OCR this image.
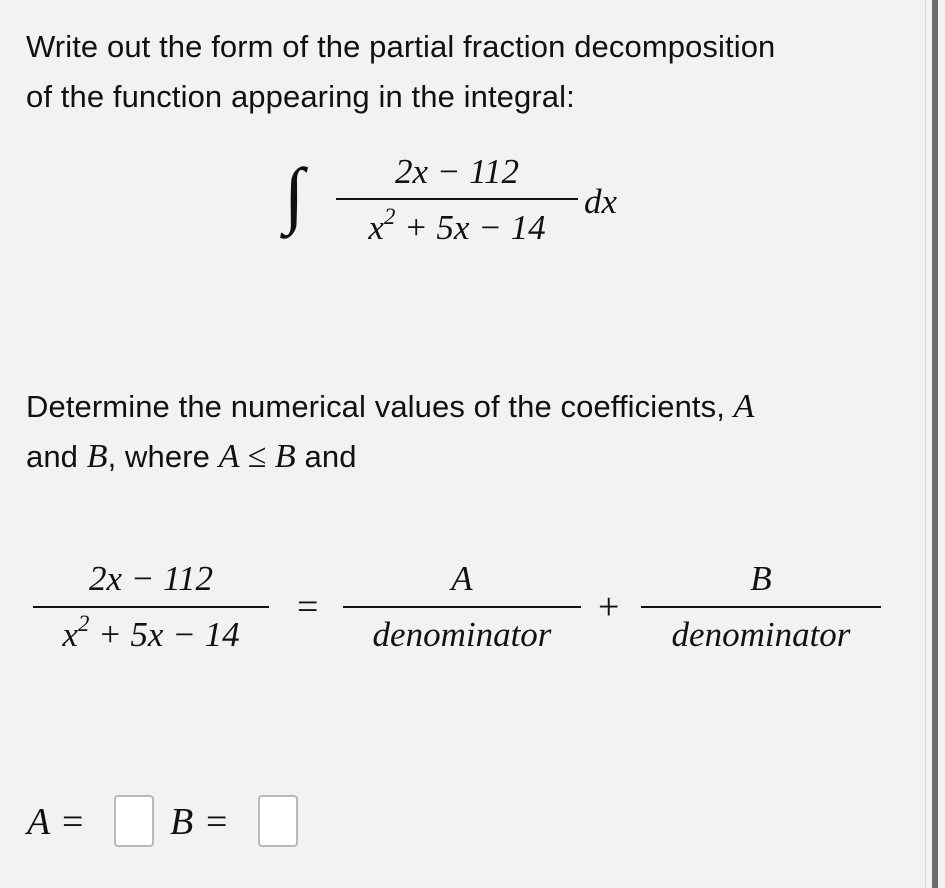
Write out the form of the partial fraction decomposition
of the function appearing in the integral:
∫	2x − 112
$x^2 + 5x - 14$
dx
Determine the numerical values of the coefficients, A
and B, where A ≤ B and
2x − 112
$x^2 + 5x - 14$
=
A
denominator
+
B
denominator
A = B =
